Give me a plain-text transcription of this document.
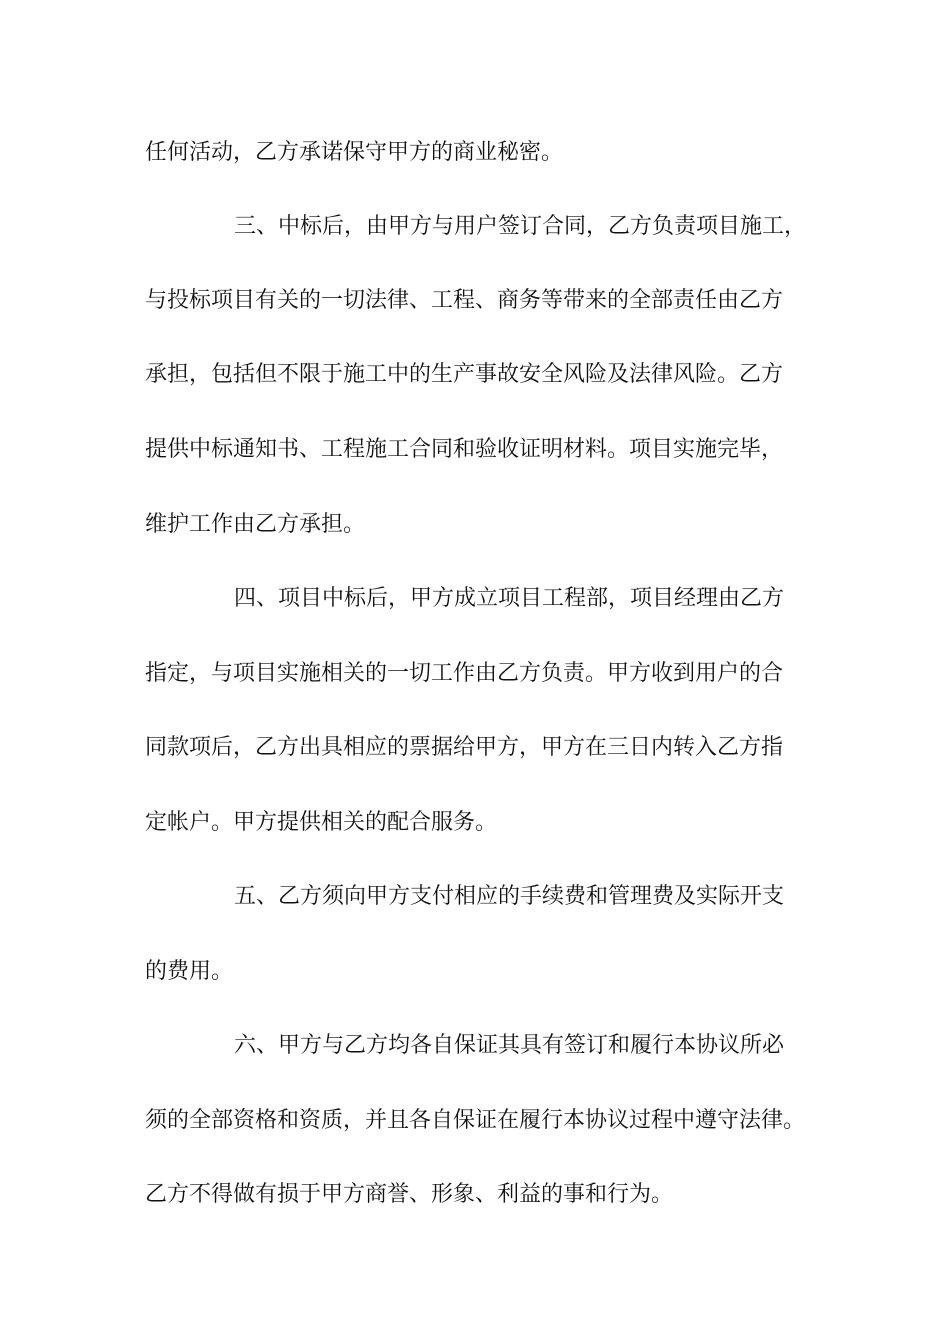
任何活动，乙方承诺保守甲方的商业秘密。
三、中标后，由甲方与用户签订合同，乙方负责项目施工，
与投标项目有关的一切法律、工程、商务等带来的全部责任由乙方
承担，包括但不限于施工中的生产事故安全风险及法律风险。乙方
提供中标通知书、工程施工合同和验收证明材料。项目实施完毕，
维护工作由乙方承担。
四、项目中标后，甲方成立项目工程部，项目经理由乙方
指定，与项目实施相关的一切工作由乙方负责。甲方收到用户的合
同款项后，乙方出具相应的票据给甲方，甲方在三日内转入乙方指
定帐户。甲方提供相关的配合服务。
五、乙方须向甲方支付相应的手续费和管理费及实际开支
的费用。
六、甲方与乙方均各自保证其具有签订和履行本协议所必
须的全部资格和资质，并且各自保证在履行本协议过程中遵守法律。
乙方不得做有损于甲方商誉、形象、利益的事和行为。
